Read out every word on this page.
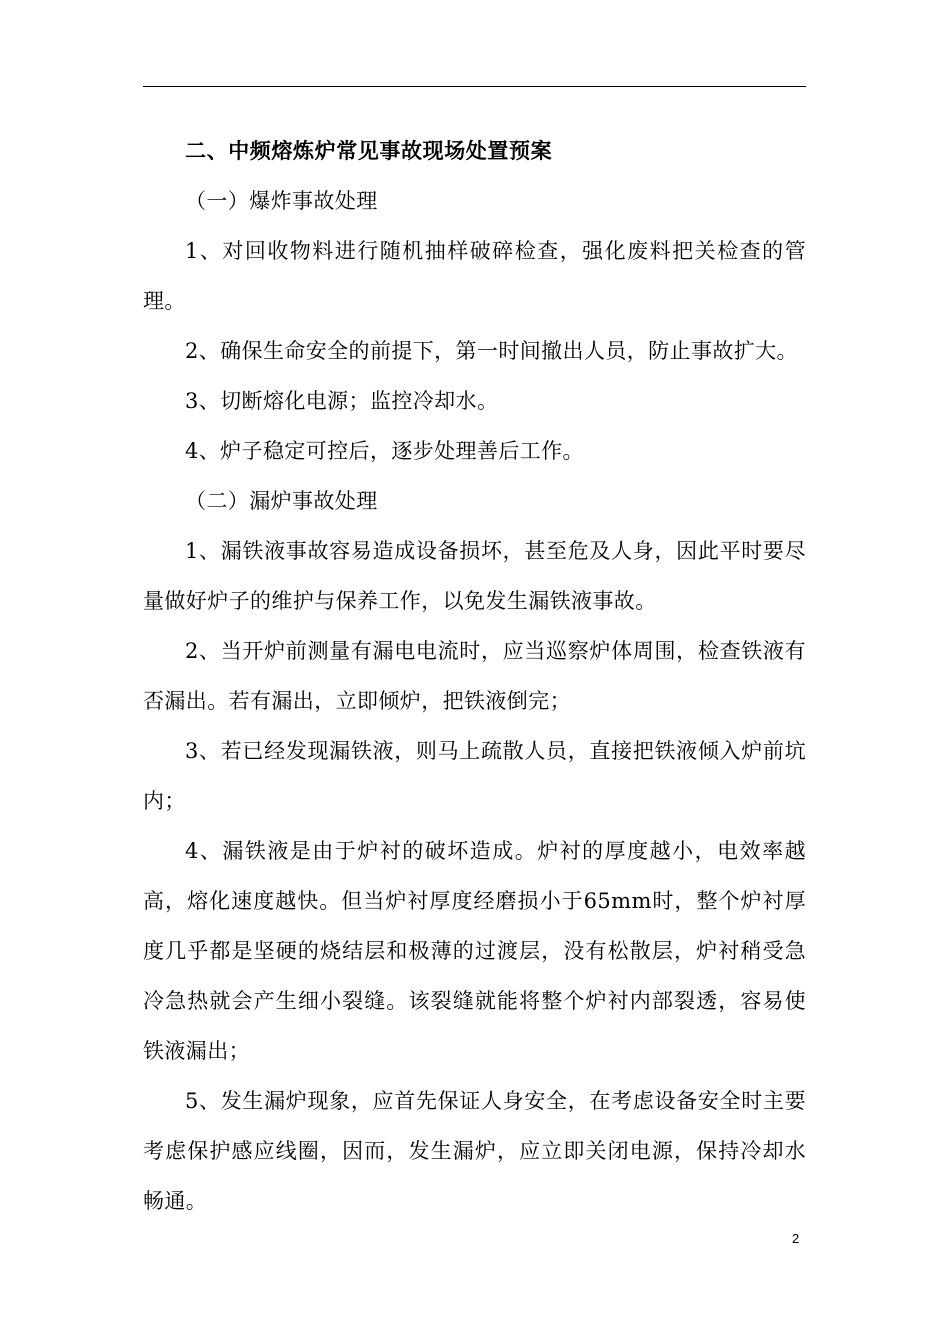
二、中频熔炼炉常见事故现场处置预案

（一）爆炸事故处理

1、对回收物料进行随机抽样破碎检查，强化废料把关检查的管理。

2、确保生命安全的前提下，第一时间撤出人员，防止事故扩大。

3、切断熔化电源；监控冷却水。

4、炉子稳定可控后，逐步处理善后工作。

（二）漏炉事故处理

1、漏铁液事故容易造成设备损坏，甚至危及人身，因此平时要尽量做好炉子的维护与保养工作，以免发生漏铁液事故。

2、当开炉前测量有漏电电流时，应当巡察炉体周围，检查铁液有否漏出。若有漏出，立即倾炉，把铁液倒完；

3、若已经发现漏铁液，则马上疏散人员，直接把铁液倾入炉前坑内；

4、漏铁液是由于炉衬的破坏造成。炉衬的厚度越小，电效率越高，熔化速度越快。但当炉衬厚度经磨损小于65mm时，整个炉衬厚度几乎都是坚硬的烧结层和极薄的过渡层，没有松散层，炉衬稍受急冷急热就会产生细小裂缝。该裂缝就能将整个炉衬内部裂透，容易使铁液漏出；

5、发生漏炉现象，应首先保证人身安全，在考虑设备安全时主要考虑保护感应线圈，因而，发生漏炉，应立即关闭电源，保持冷却水畅通。

2
